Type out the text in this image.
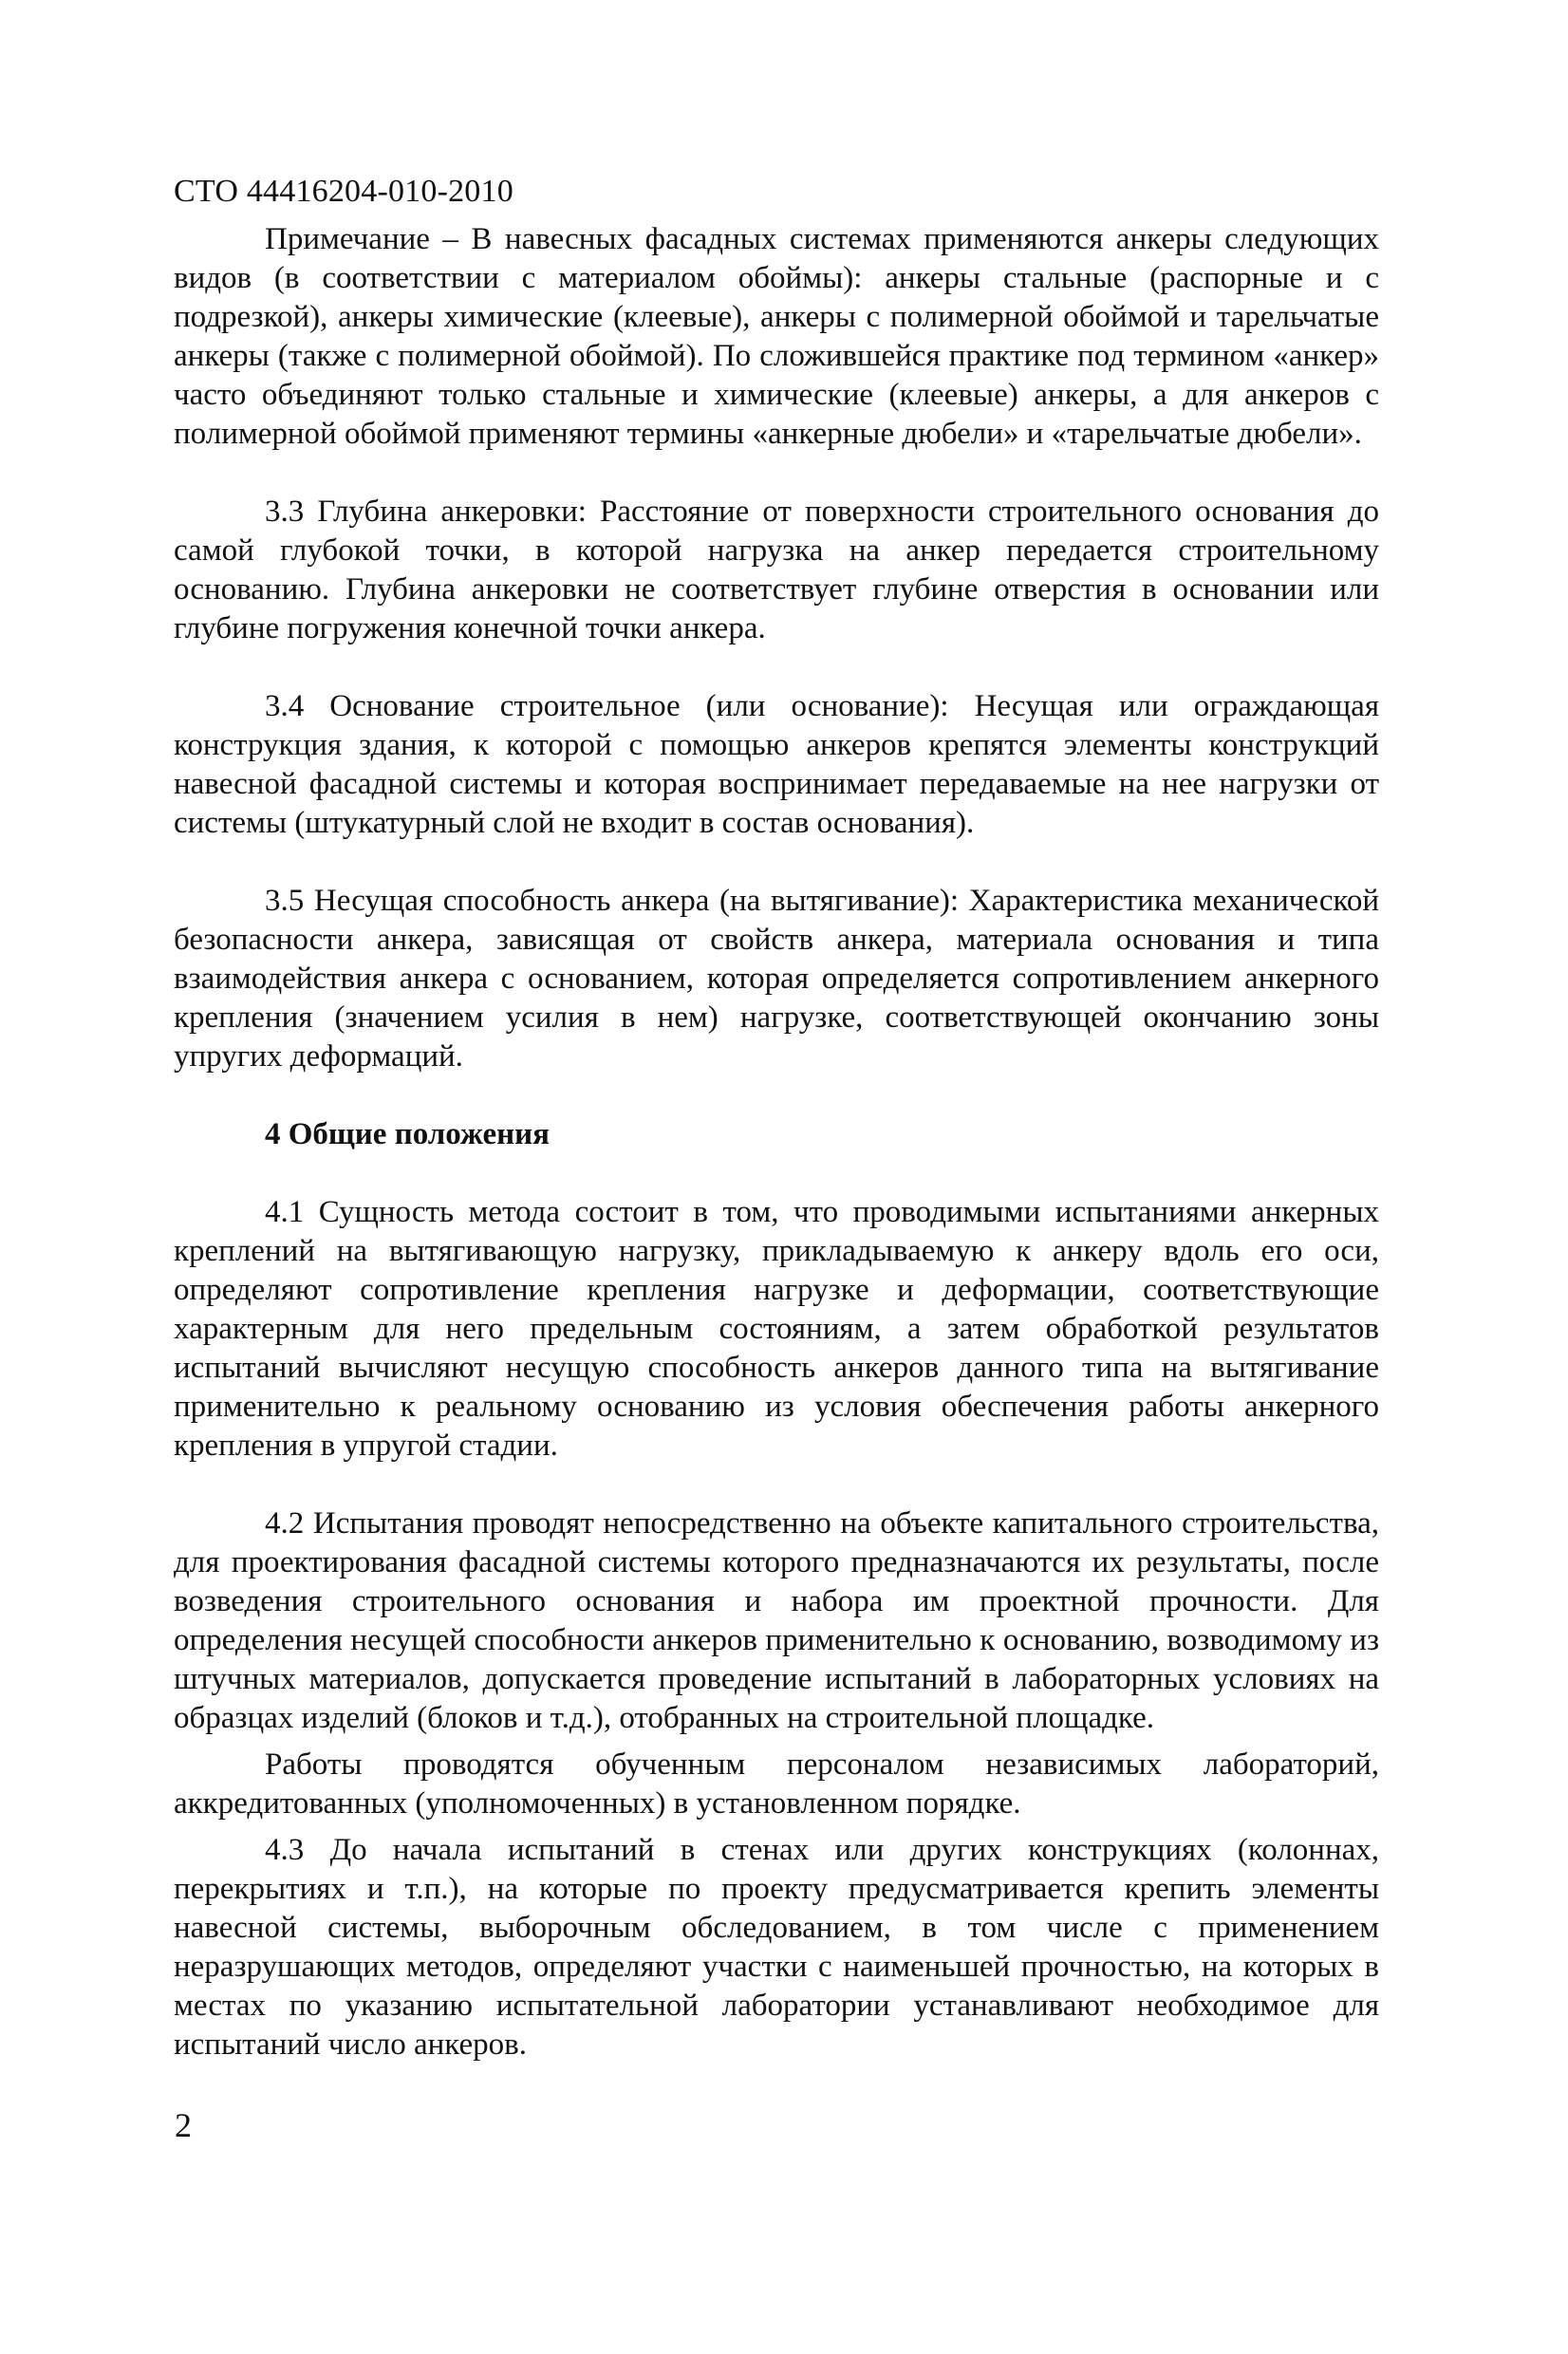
СТО 44416204-010-2010

Примечание – В навесных фасадных системах применяются анкеры следующих видов (в соответствии с материалом обоймы): анкеры стальные (распорные и с подрезкой), анкеры химические (клеевые), анкеры с полимерной обоймой и тарельчатые анкеры (также с полимерной обоймой). По сложившейся практике под термином «анкер» часто объединяют только стальные и химические (клеевые) анкеры, а для анкеров с полимерной обоймой применяют термины «анкерные дюбели» и «тарельчатые дюбели».

3.3 Глубина анкеровки: Расстояние от поверхности строительного основания до самой глубокой точки, в которой нагрузка на анкер передается строительному основанию. Глубина анкеровки не соответствует глубине отверстия в основании или глубине погружения конечной точки анкера.

3.4 Основание строительное (или основание): Несущая или ограждающая конструкция здания, к которой с помощью анкеров крепятся элементы конструкций навесной фасадной системы и которая воспринимает передаваемые на нее нагрузки от системы (штукатурный слой не входит в состав основания).

3.5 Несущая способность анкера (на вытягивание): Характеристика механической безопасности анкера, зависящая от свойств анкера, материала основания и типа взаимодействия анкера с основанием, которая определяется сопротивлением анкерного крепления (значением усилия в нем) нагрузке, соответствующей окончанию зоны упругих деформаций.

4 Общие положения

4.1 Сущность метода состоит в том, что проводимыми испытаниями анкерных креплений на вытягивающую нагрузку, прикладываемую к анкеру вдоль его оси, определяют сопротивление крепления нагрузке и деформации, соответствующие характерным для него предельным состояниям, а затем обработкой результатов испытаний вычисляют несущую способность анкеров данного типа на вытягивание применительно к реальному основанию из условия обеспечения работы анкерного крепления в упругой стадии.

4.2 Испытания проводят непосредственно на объекте капитального строительства, для проектирования фасадной системы которого предназначаются их результаты, после возведения строительного основания и набора им проектной прочности. Для определения несущей способности анкеров применительно к основанию, возводимому из штучных материалов, допускается проведение испытаний в лабораторных условиях на образцах изделий (блоков и т.д.), отобранных на строительной площадке.

Работы проводятся обученным персоналом независимых лабораторий, аккредитованных (уполномоченных) в установленном порядке.

4.3 До начала испытаний в стенах или других конструкциях (колоннах, перекрытиях и т.п.), на которые по проекту предусматривается крепить элементы навесной системы, выборочным обследованием, в том числе с применением неразрушающих методов, определяют участки с наименьшей прочностью, на которых в местах по указанию испытательной лаборатории устанавливают необходимое для испытаний число анкеров.

2
